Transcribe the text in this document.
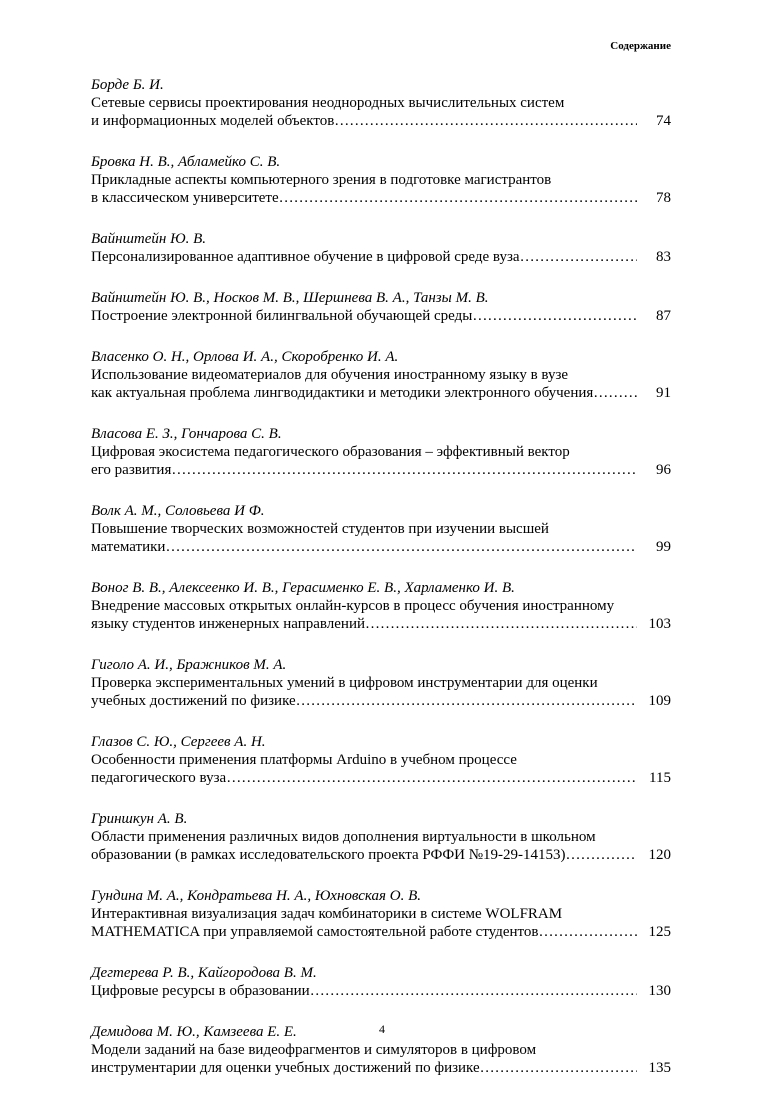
Содержание
Борде Б. И.
Сетевые сервисы проектирования неоднородных вычислительных систем
и информационных моделей объектов ………………………………………………………………………………………………………………………………………………………………	74
Бровка Н. В., Абламейко С. В.
Прикладные аспекты компьютерного зрения в подготовке магистрантов
в классическом университете ………………………………………………………………………………………………………………………………………………………………	78
Вайнштейн Ю. В.
Персонализированное адаптивное обучение в цифровой среде вуза ………………………………………………………………………………………………………………………………………………………………	83
Вайнштейн Ю. В., Носков М. В., Шершнева В. А., Танзы М. В.
Построение электронной билингвальной обучающей среды ………………………………………………………………………………………………………………………………………………………………	87
Власенко О. Н., Орлова И. А., Скоробренко И. А.
Использование видеоматериалов для обучения иностранному языку в вузе
как актуальная проблема лингводидактики и методики электронного обучения ………………………………………………………………………………………………………………………………………………………………	91
Власова Е. З., Гончарова С. В.
Цифровая экосистема педагогического образования – эффективный вектор
его развития ………………………………………………………………………………………………………………………………………………………………	96
Волк А. М., Соловьева И Ф.
Повышение творческих возможностей студентов при изучении высшей
математики ………………………………………………………………………………………………………………………………………………………………	99
Воног В. В., Алексеенко И. В., Герасименко Е. В., Харламенко И. В.
Внедрение массовых открытых онлайн-курсов в процесс обучения иностранному
языку студентов инженерных направлений ………………………………………………………………………………………………………………………………………………………………	103
Гиголо А. И., Бражников М. А.
Проверка экспериментальных умений в цифровом инструментарии для оценки
учебных достижений по физике ………………………………………………………………………………………………………………………………………………………………	109
Глазов С. Ю., Сергеев А. Н.
Особенности применения платформы Arduino в учебном процессе
педагогического вуза ………………………………………………………………………………………………………………………………………………………………	115
Гриншкун А. В.
Области применения различных видов дополнения виртуальности в школьном
образовании (в рамках исследовательского проекта РФФИ №19-29-14153) ………………………………………………………………………………………………………………………………………………………………	120
Гундина М. А., Кондратьева Н. А., Юхновская О. В.
Интерактивная визуализация задач комбинаторики в системе WOLFRAM
MATHEMATICA при управляемой самостоятельной работе студентов ………………………………………………………………………………………………………………………………………………………………	125
Дегтерева Р. В., Кайгородова В. М.
Цифровые ресурсы в образовании ………………………………………………………………………………………………………………………………………………………………	130
Демидова М. Ю., Камзеева Е. Е.
Модели заданий на базе видеофрагментов и симуляторов в цифровом
инструментарии для оценки учебных достижений по физике ………………………………………………………………………………………………………………………………………………………………	135
4
